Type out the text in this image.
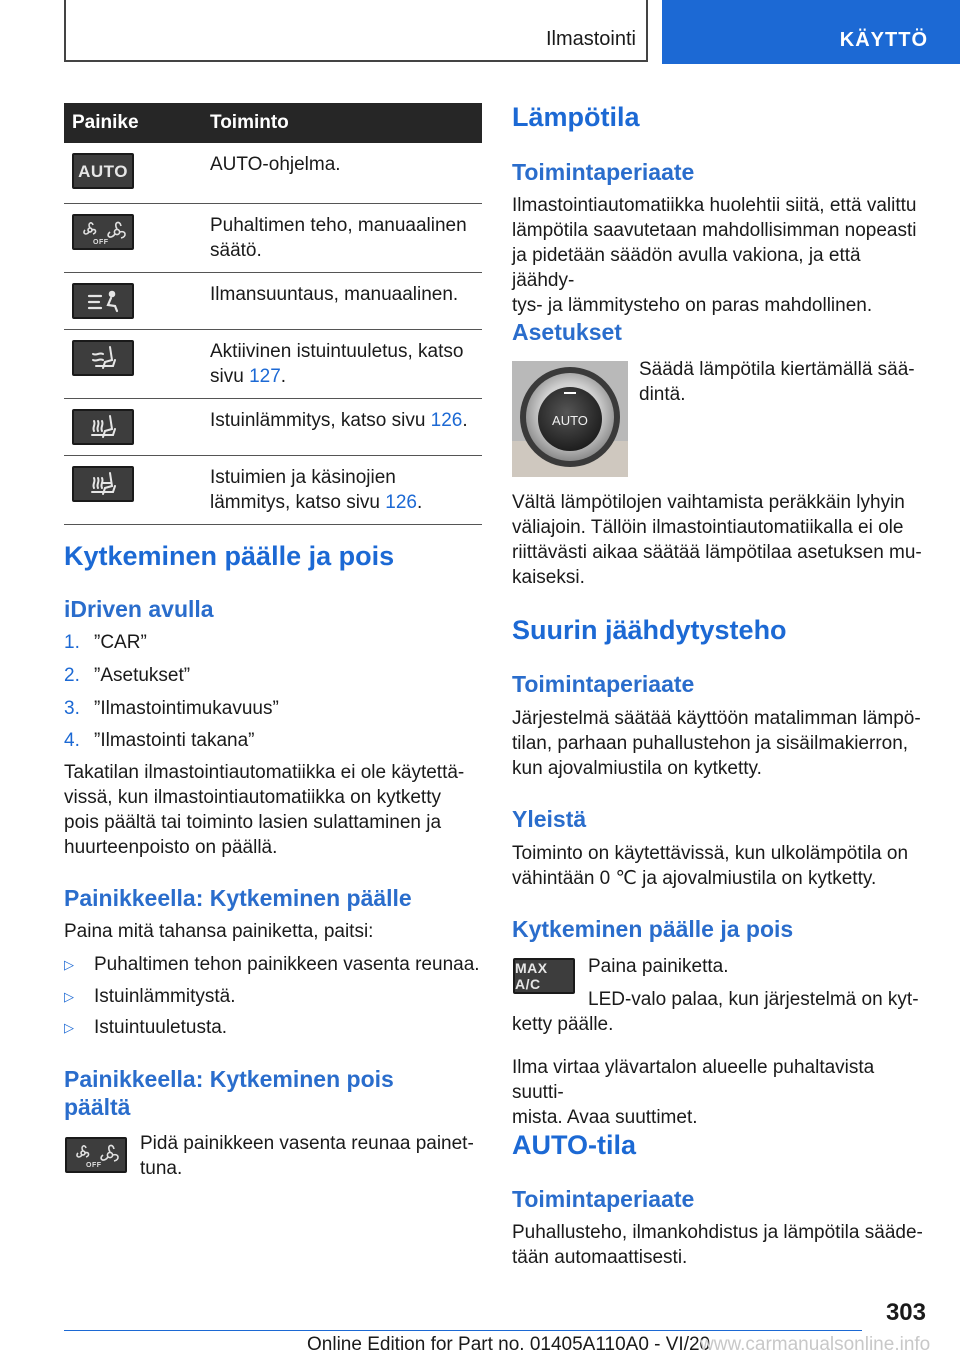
Ilmastointi	KÄYTTÖ
Painike	Toiminto

AUTO	AUTO-ohjelma.

OFF	Puhaltimen teho, manuaalinen säätö.

	Ilmansuuntaus, manuaalinen.

	Aktiivinen istuintuuletus, katso sivu 127.

	Istuinlämmitys, katso sivu 126.

	Istuimien ja käsinojien lämmitys, katso sivu 126.
Kytkeminen päälle ja pois
iDriven avulla
1. ”CAR”
2. ”Asetukset”
3. ”Ilmastointimukavuus”
4. ”Ilmastointi takana”
Takatilan ilmastointiautomatiikka ei ole käytettä-
vissä, kun ilmastointiautomatiikka on kytketty
pois päältä tai toiminto lasien sulattaminen ja
huurteenpoisto on päällä.
Painikkeella: Kytkeminen päälle
Paina mitä tahansa painiketta, paitsi:
▷ Puhaltimen tehon painikkeen vasenta reunaa.
▷ Istuinlämmitystä.
▷ Istuintuuletusta.
Painikkeella: Kytkeminen pois
päältä
OFF
Pidä painikkeen vasenta reunaa painet-
tuna.
Lämpötila
Toimintaperiaate
Ilmastointiautomatiikka huolehtii siitä, että valittu
lämpötila saavutetaan mahdollisimman nopeasti
ja pidetään säädön avulla vakiona, ja että jäähdy-
tys- ja lämmitysteho on paras mahdollinen.
Asetukset
AUTO
Säädä lämpötila kiertämällä sää-
dintä.
Vältä lämpötilojen vaihtamista peräkkäin lyhyin
väliajoin. Tällöin ilmastointiautomatiikalla ei ole
riittävästi aikaa säätää lämpötilaa asetuksen mu-
kaiseksi.
Suurin jäähdytysteho
Toimintaperiaate
Järjestelmä säätää käyttöön matalimman lämpö-
tilan, parhaan puhallustehon ja sisäilmakierron,
kun ajovalmiustila on kytketty.
Yleistä
Toiminto on käytettävissä, kun ulkolämpötila on
vähintään 0 ℃ ja ajovalmiustila on kytketty.
Kytkeminen päälle ja pois
MAX A/C
Paina painiketta.
LED-valo palaa, kun järjestelmä on kyt-
ketty päälle.
Ilma virtaa ylävartalon alueelle puhaltavista suutti-
mista. Avaa suuttimet.
AUTO-tila
Toimintaperiaate
Puhallusteho, ilmankohdistus ja lämpötila sääde-
tään automaattisesti.
303
Online Edition for Part no. 01405A110A0 - VI/20
www.carmanualsonline.info
